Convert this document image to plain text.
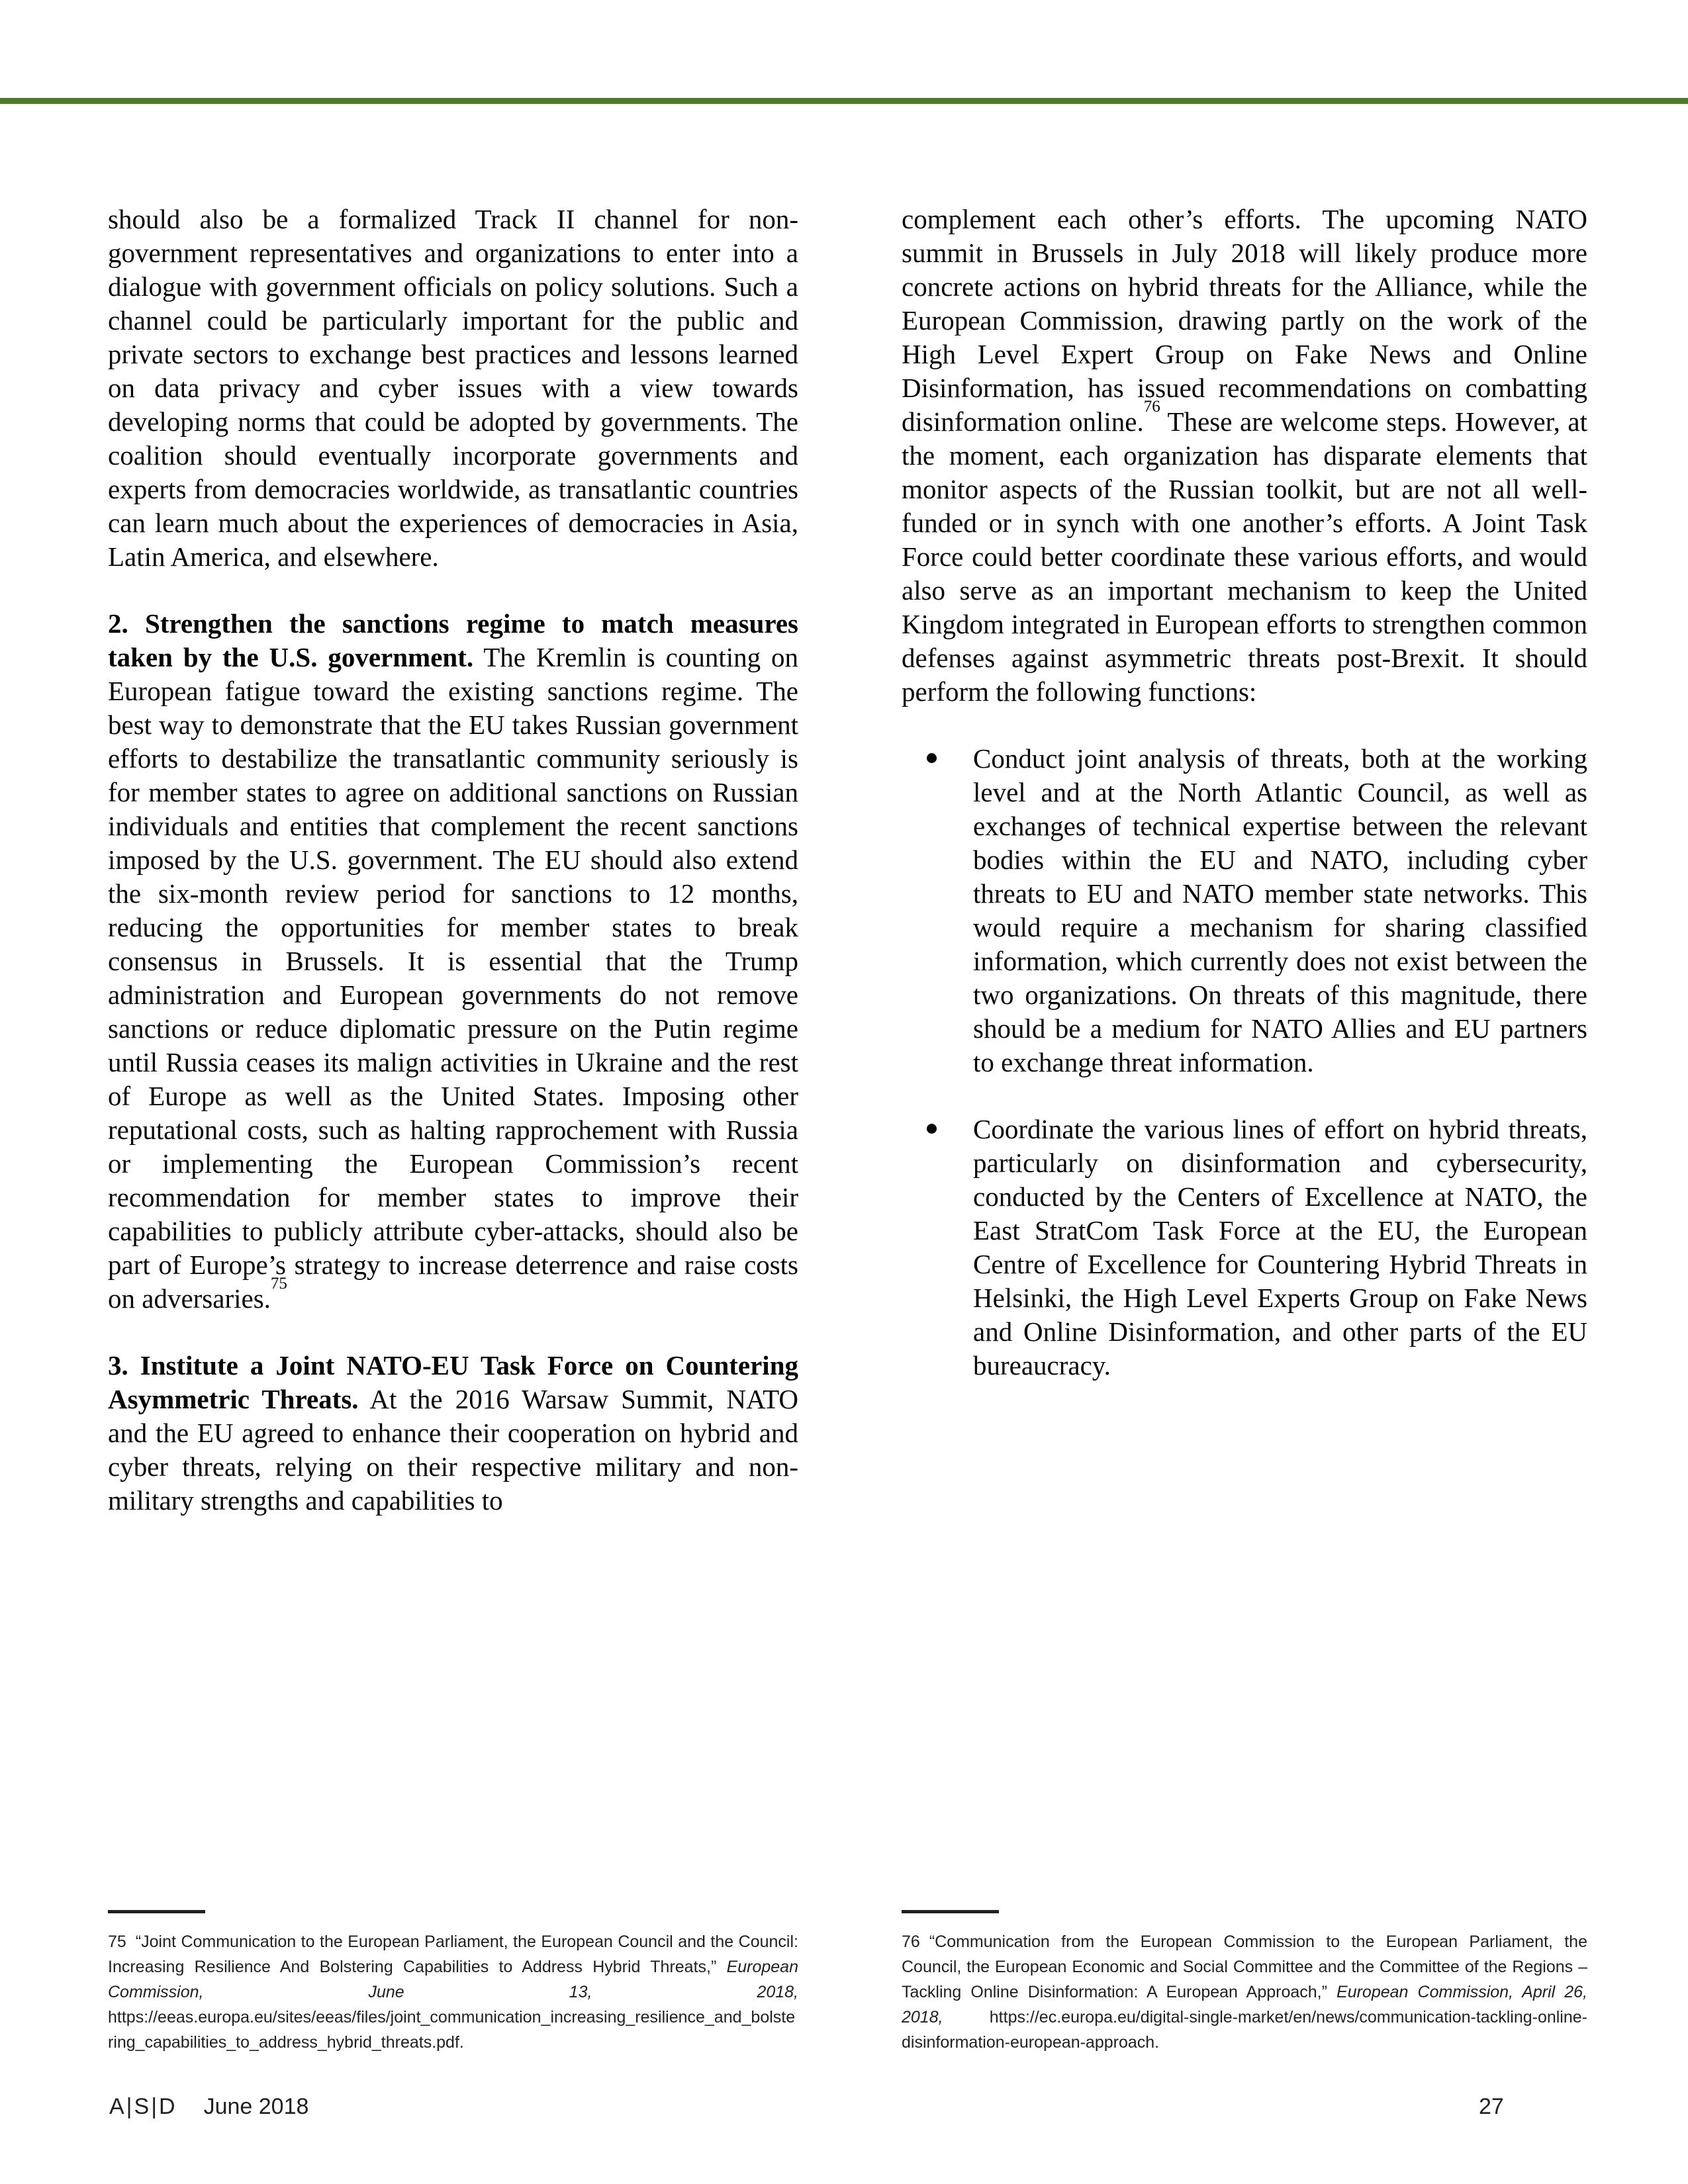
should also be a formalized Track II channel for non-government representatives and organizations to enter into a dialogue with government officials on policy solutions. Such a channel could be particularly important for the public and private sectors to exchange best practices and lessons learned on data privacy and cyber issues with a view towards developing norms that could be adopted by governments. The coalition should eventually incorporate governments and experts from democracies worldwide, as transatlantic countries can learn much about the experiences of democracies in Asia, Latin America, and elsewhere.

2. Strengthen the sanctions regime to match measures taken by the U.S. government. The Kremlin is counting on European fatigue toward the existing sanctions regime. The best way to demonstrate that the EU takes Russian government efforts to destabilize the transatlantic community seriously is for member states to agree on additional sanctions on Russian individuals and entities that complement the recent sanctions imposed by the U.S. government. The EU should also extend the six-month review period for sanctions to 12 months, reducing the opportunities for member states to break consensus in Brussels. It is essential that the Trump administration and European governments do not remove sanctions or reduce diplomatic pressure on the Putin regime until Russia ceases its malign activities in Ukraine and the rest of Europe as well as the United States. Imposing other reputational costs, such as halting rapprochement with Russia or implementing the European Commission’s recent recommendation for member states to improve their capabilities to publicly attribute cyber-attacks, should also be part of Europe’s strategy to increase deterrence and raise costs on adversaries.$^{75}$

3. Institute a Joint NATO-EU Task Force on Countering Asymmetric Threats. At the 2016 Warsaw Summit, NATO and the EU agreed to enhance their cooperation on hybrid and cyber threats, relying on their respective military and non-military strengths and capabilities to

complement each other’s efforts. The upcoming NATO summit in Brussels in July 2018 will likely produce more concrete actions on hybrid threats for the Alliance, while the European Commission, drawing partly on the work of the High Level Expert Group on Fake News and Online Disinformation, has issued recommendations on combatting disinformation online.$^{76}$ These are welcome steps. However, at the moment, each organization has disparate elements that monitor aspects of the Russian toolkit, but are not all well-funded or in synch with one another’s efforts. A Joint Task Force could better coordinate these various efforts, and would also serve as an important mechanism to keep the United Kingdom integrated in European efforts to strengthen common defenses against asymmetric threats post-Brexit. It should perform the following functions:

Conduct joint analysis of threats, both at the working level and at the North Atlantic Council, as well as exchanges of technical expertise between the relevant bodies within the EU and NATO, including cyber threats to EU and NATO member state networks. This would require a mechanism for sharing classified information, which currently does not exist between the two organizations. On threats of this magnitude, there should be a medium for NATO Allies and EU partners to exchange threat information.
Coordinate the various lines of effort on hybrid threats, particularly on disinformation and cybersecurity, conducted by the Centers of Excellence at NATO, the East StratCom Task Force at the EU, the European Centre of Excellence for Countering Hybrid Threats in Helsinki, the High Level Experts Group on Fake News and Online Disinformation, and other parts of the EU bureaucracy.

75 “Joint Communication to the European Parliament, the European Council and the Council: Increasing Resilience And Bolstering Capabilities to Address Hybrid Threats,” European Commission, June 13, 2018, https://eeas.europa.eu/sites/eeas/files/joint_communication_increasing_resilience_and_bolstering_capabilities_to_address_hybrid_threats.pdf.

76 “Communication from the European Commission to the European Parliament, the Council, the European Economic and Social Committee and the Committee of the Regions – Tackling Online Disinformation: A European Approach,” European Commission, April 26, 2018, https://ec.europa.eu/digital-single-market/en/news/communication-tackling-online-disinformation-european-approach.

A|S|D June 2018	27
